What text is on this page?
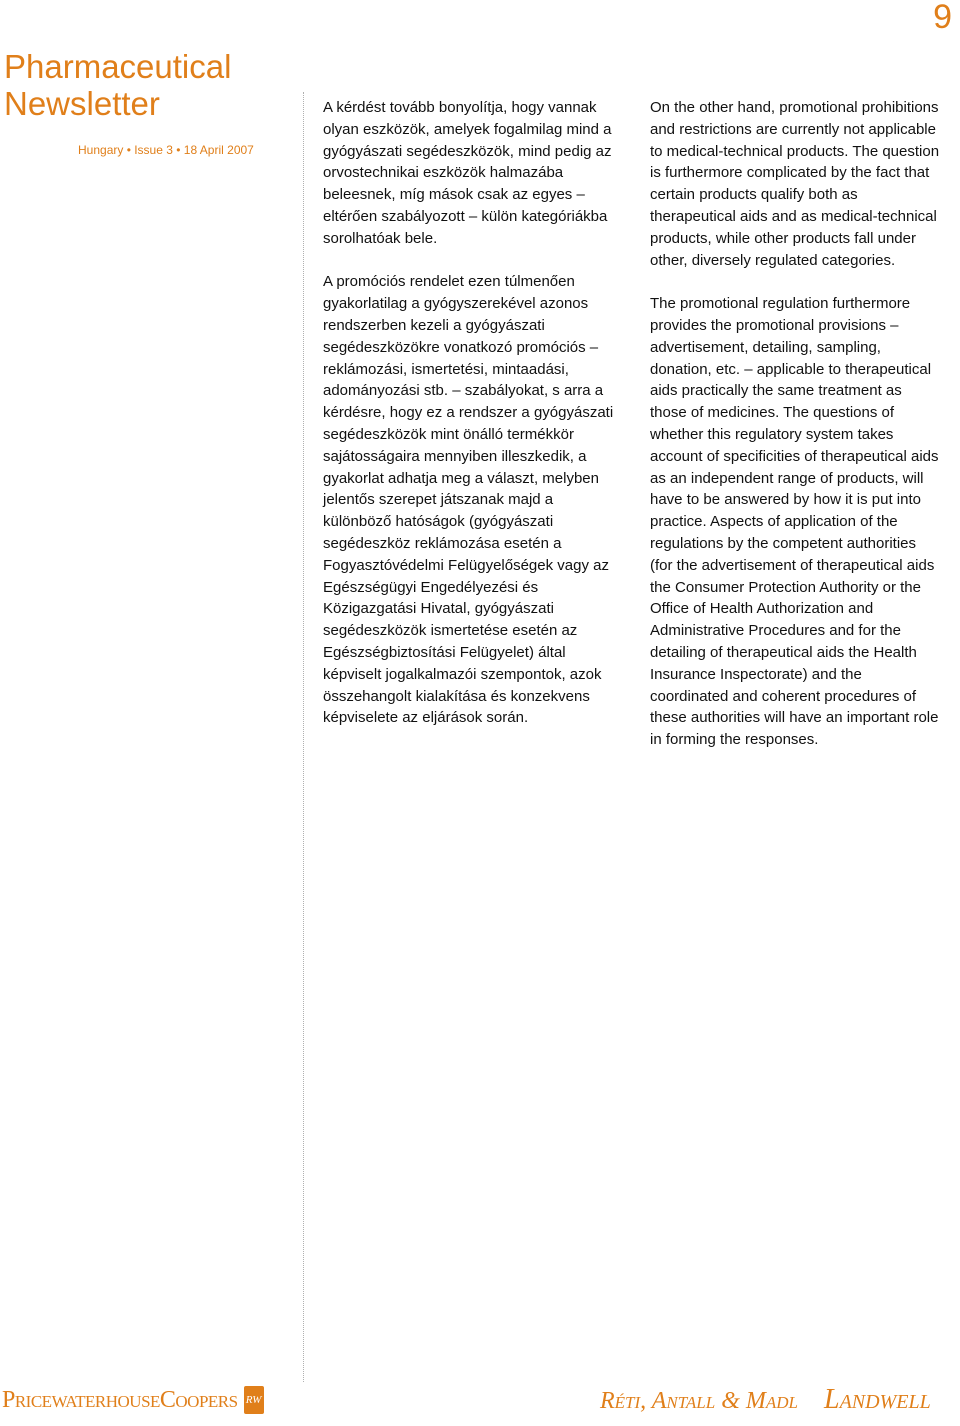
9
Pharmaceutical
Newsletter
Hungary • Issue 3 • 18 April 2007

A kérdést tovább bonyolítja, hogy vannak olyan eszközök, amelyek fogalmilag mind a gyógyászati segédeszközök, mind pedig az orvostechnikai eszközök halmazába beleesnek, míg mások csak az egyes – eltérően szabályozott – külön kategóriákba sorolhatóak bele.

A promóciós rendelet ezen túlmenően gyakorlatilag a gyógyszerekével azonos rendszerben kezeli a gyógyászati segédeszközökre vonatkozó promóciós – reklámozási, ismertetési, mintaadási, adományozási stb. – szabályokat, s arra a kérdésre, hogy ez a rendszer a gyógyászati segédeszközök mint önálló termékkör sajátosságaira mennyiben illeszkedik, a gyakorlat adhatja meg a választ, melyben jelentős szerepet játszanak majd a különböző hatóságok (gyógyászati segédeszköz reklámozása esetén a Fogyasztóvédelmi Felügyelőségek vagy az Egészségügyi Engedélyezési és Közigazgatási Hivatal, gyógyászati segédeszközök ismertetése esetén az Egészségbiztosítási Felügyelet) által képviselt jogalkalmazói szempontok, azok összehangolt kialakítása és konzekvens képviselete az eljárások során.

On the other hand, promotional prohibitions and restrictions are currently not applicable to medical-technical products. The question is furthermore complicated by the fact that certain products qualify both as therapeutical aids and as medical-technical products, while other products fall under other, diversely regulated categories.

The promotional regulation furthermore provides the promotional provisions – advertisement, detailing, sampling, donation, etc. – applicable to therapeutical aids practically the same treatment as those of medicines. The questions of whether this regulatory system takes account of specificities of therapeutical aids as an independent range of products, will have to be answered by how it is put into practice. Aspects of application of the regulations by the competent authorities (for the advertisement of therapeutical aids the Consumer Protection Authority or the Office of Health Authorization and Administrative Procedures and for the detailing of therapeutical aids the Health Insurance Inspectorate) and the coordinated and coherent procedures of these authorities will have an important role in forming the responses.

PricewaterhouseCoopers RW	Réti, Antall & Madl Landwell
